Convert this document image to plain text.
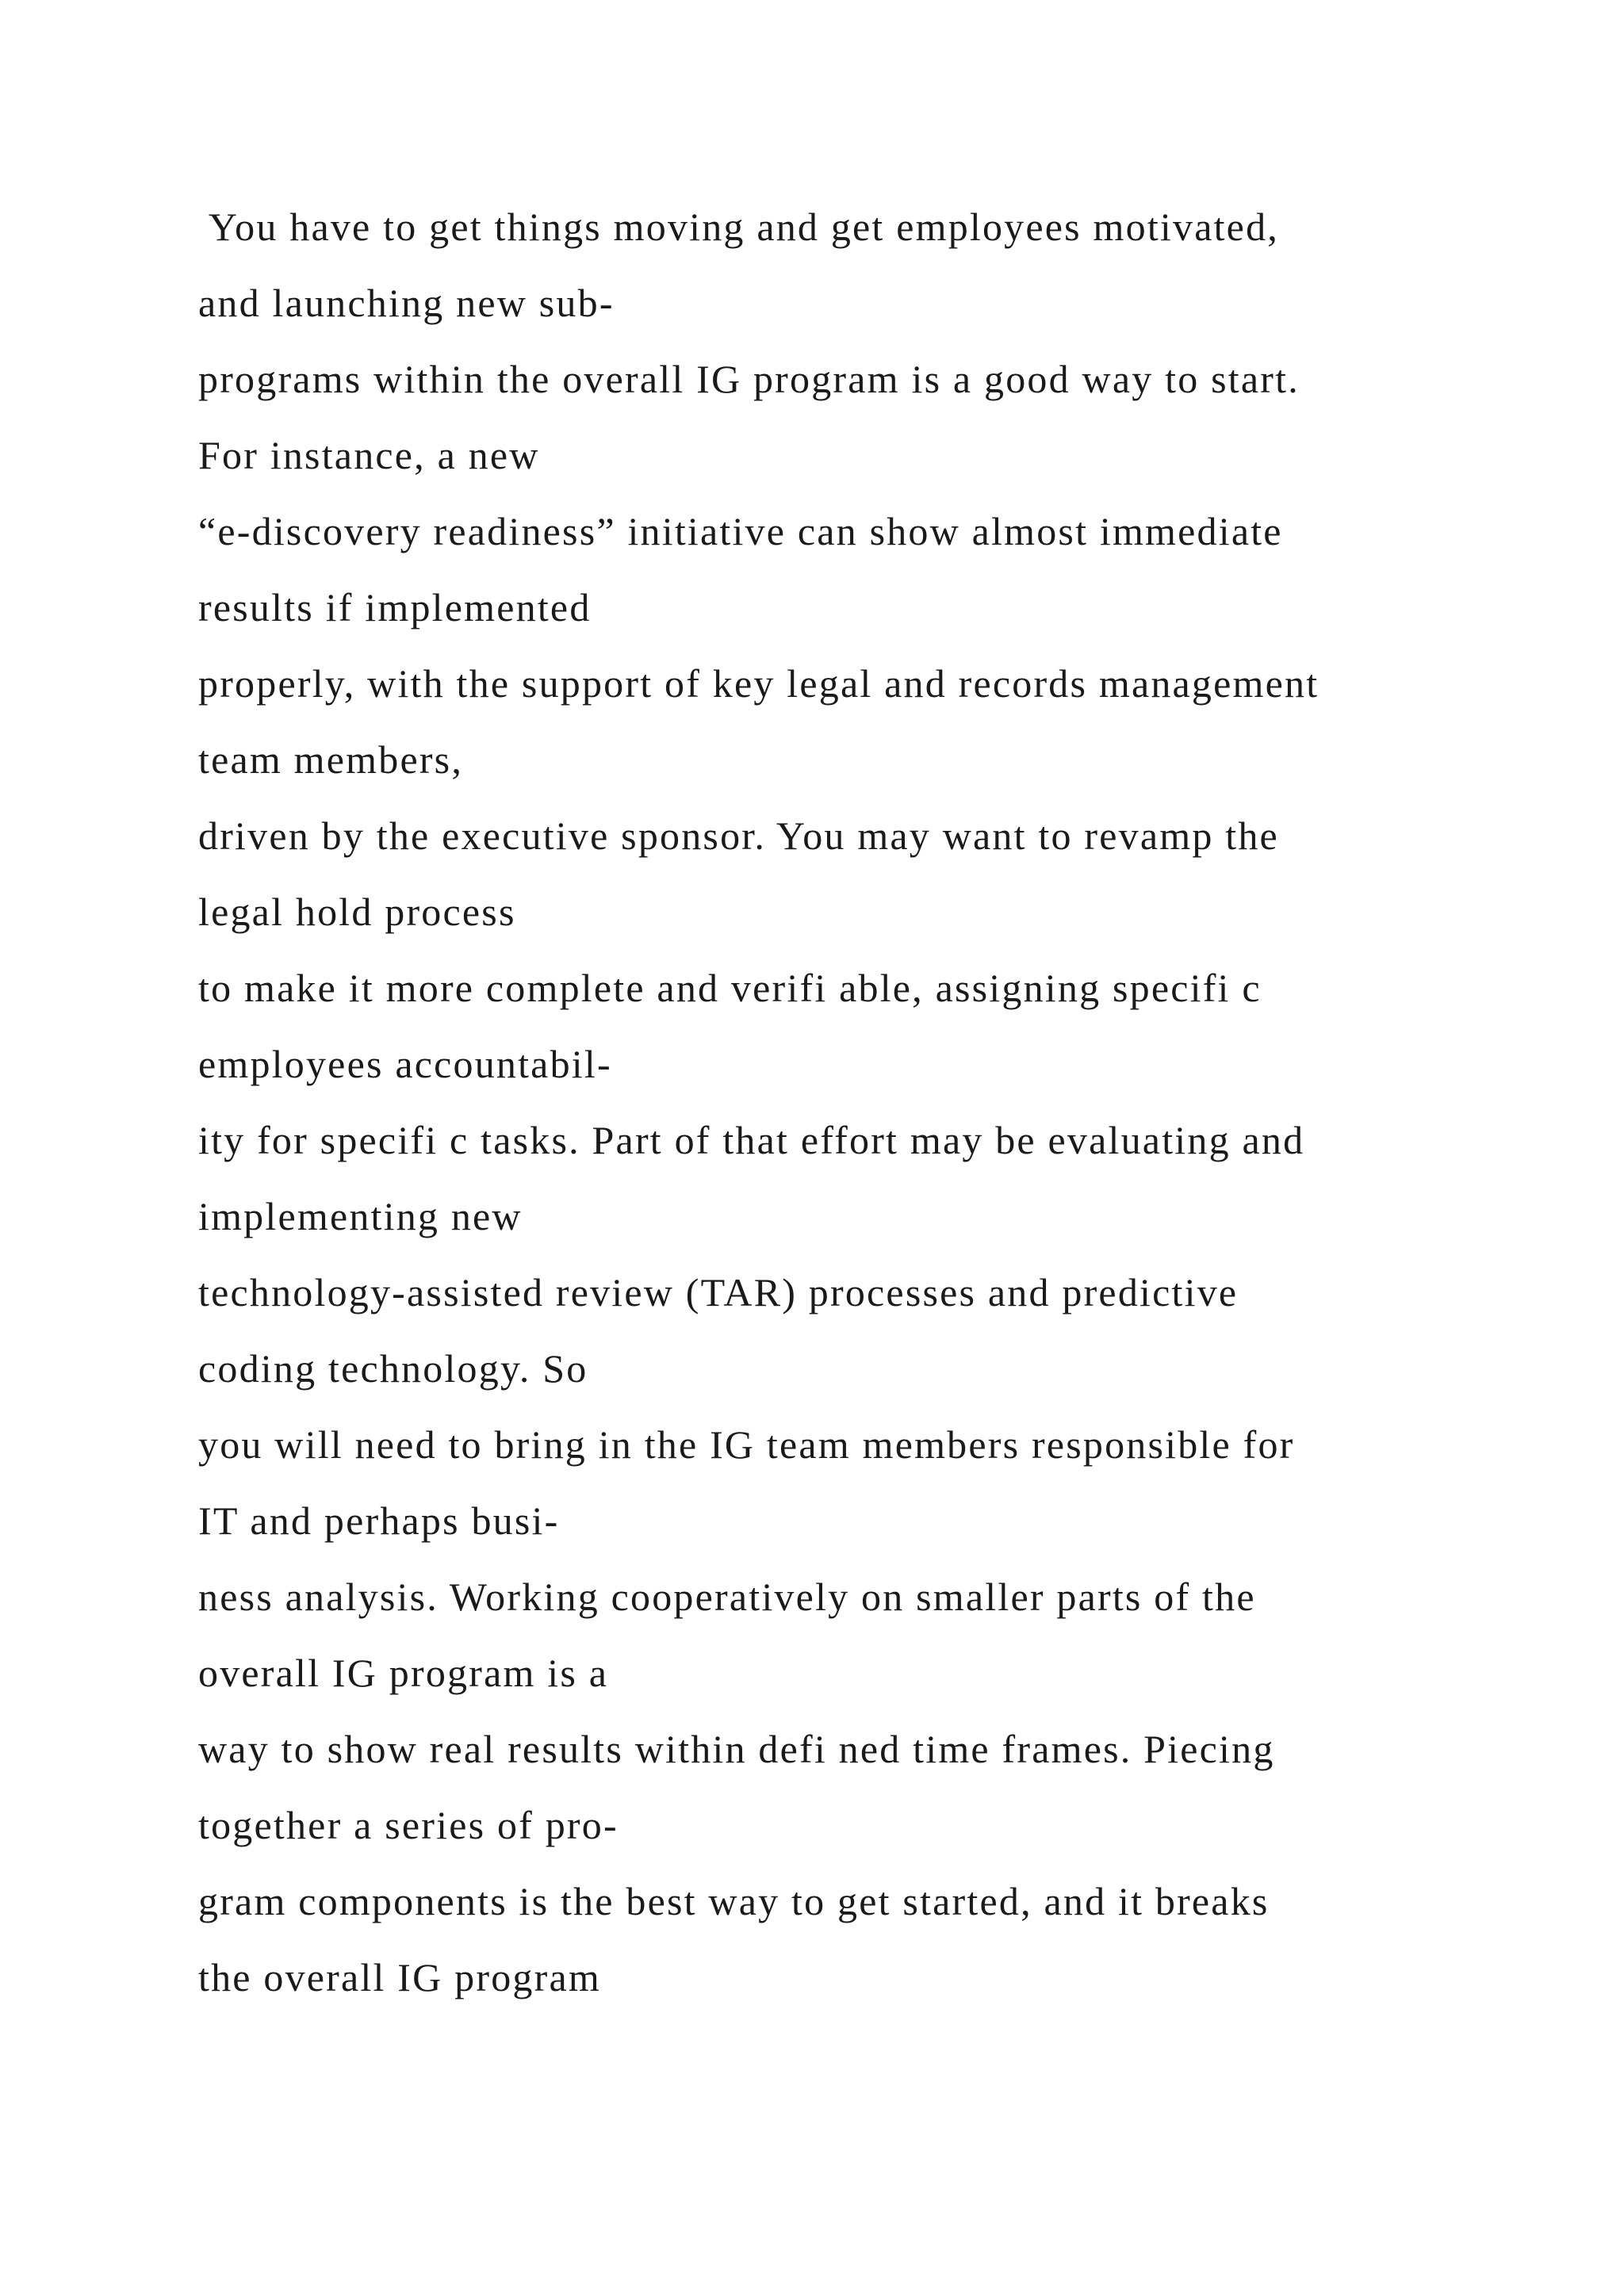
You have to get things moving and get employees motivated,
and launching new sub-
programs within the overall IG program is a good way to start.
For instance, a new
“e-discovery readiness” initiative can show almost immediate
results if implemented
properly, with the support of key legal and records management
team members,
driven by the executive sponsor. You may want to revamp the
legal hold process
to make it more complete and verifi able, assigning specifi c
employees accountabil-
ity for specifi c tasks. Part of that effort may be evaluating and
implementing new
technology-assisted review (TAR) processes and predictive
coding technology. So
you will need to bring in the IG team members responsible for
IT and perhaps busi-
ness analysis. Working cooperatively on smaller parts of the
overall IG program is a
way to show real results within defi ned time frames. Piecing
together a series of pro-
gram components is the best way to get started, and it breaks
the overall IG program
